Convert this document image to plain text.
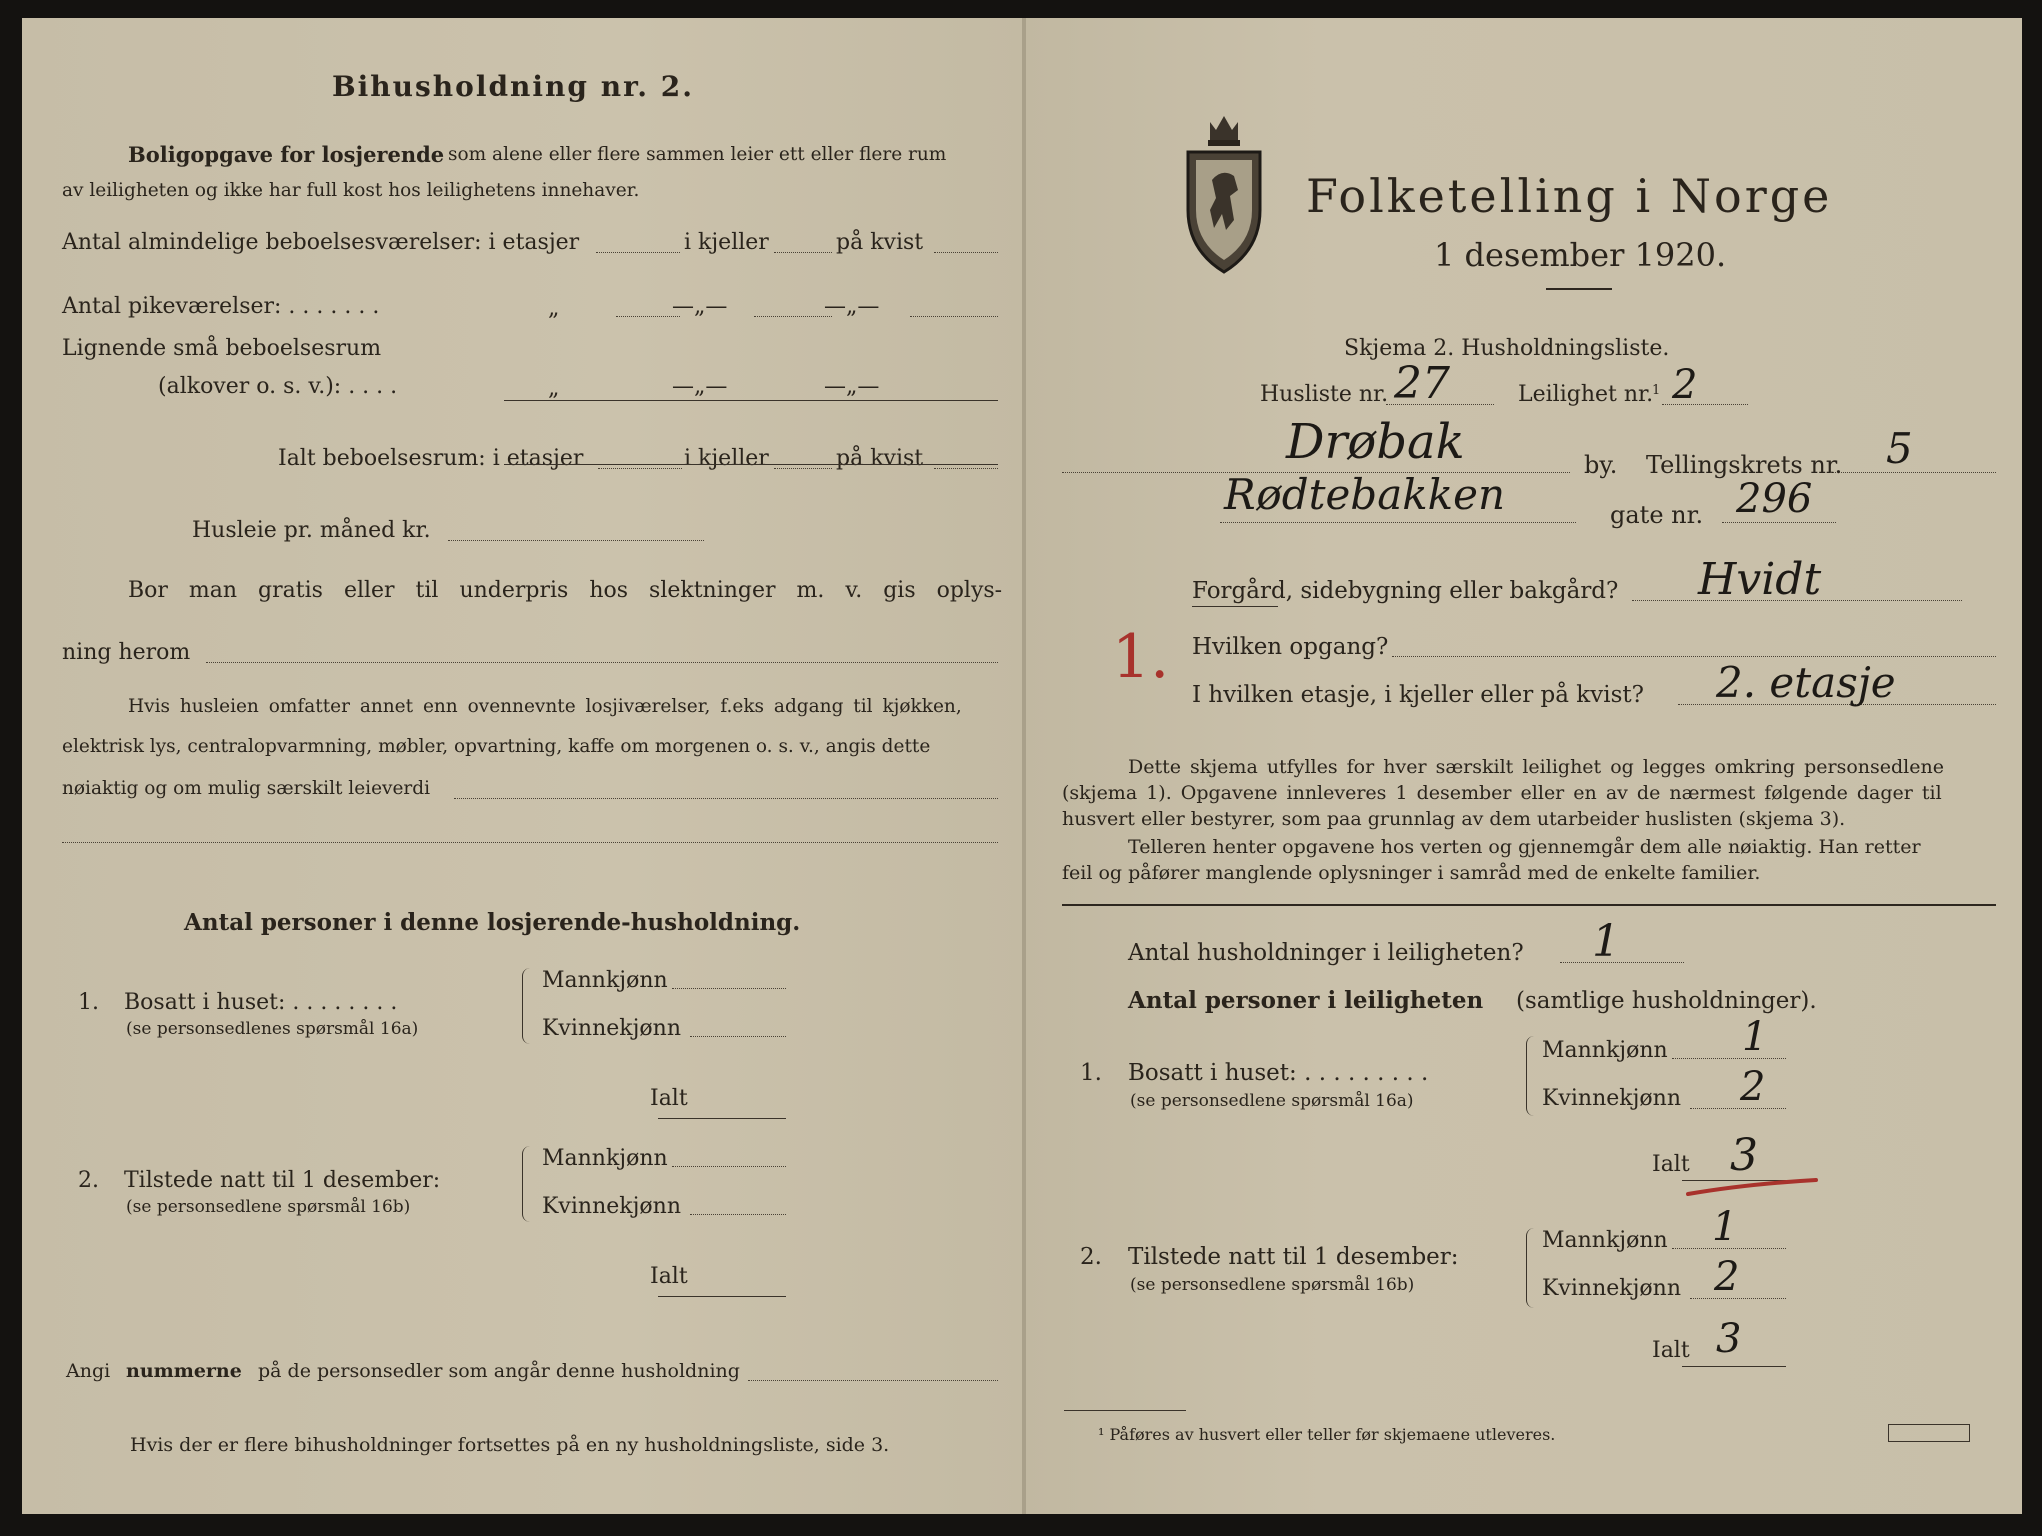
Bihusholdning nr. 2.
Boligopgave for losjerende som alene eller flere sammen leier ett eller flere rum
av leiligheten og ikke har full kost hos leilighetens innehaver.
Antal almindelige beboelsesværelser: i etasjer	i kjeller	på kvist
Antal pikeværelser: . . . . . . .	„	—„—	—„—
Lignende små beboelsesrum
(alkover o. s. v.): . . . .	„	—„—	—„—
Ialt beboelsesrum: i etasjer	i kjeller	på kvist
Husleie pr. måned kr.
Bor man gratis eller til underpris hos slektninger m. v. gis oplys-
ning herom
Hvis husleien omfatter annet enn ovennevnte losjiværelser, f.eks adgang til kjøkken,
elektrisk lys, centralopvarmning, møbler, opvartning, kaffe om morgenen o. s. v., angis dette
nøiaktig og om mulig særskilt leieverdi
Antal personer i denne losjerende-husholdning.
1. Bosatt i huset: . . . . . . . .
(se personsedlenes spørsmål 16a)
Mannkjønn
Kvinnekjønn
Ialt
2. Tilstede natt til 1 desember:
(se personsedlene spørsmål 16b)
Mannkjønn
Kvinnekjønn
Ialt
Angi nummerne på de personsedler som angår denne husholdning
Hvis der er flere bihusholdninger fortsettes på en ny husholdningsliste, side 3.
Folketelling i Norge
1 desember 1920.
Skjema 2. Husholdningsliste.
Husliste nr. 27	Leilighet nr.
1 2
Drøbak	by. Tellingskrets nr. 5
Rødtebakken	gate nr. 296
Forgård, sidebygning eller bakgård? Hvidt
1. Hvilken opgang?
I hvilken etasje, i kjeller eller på kvist? 2. etasje
Dette skjema utfylles for hver særskilt leilighet og legges omkring personsedlene
(skjema 1). Opgavene innleveres 1 desember eller en av de nærmest følgende dager til
husvert eller bestyrer, som paa grunnlag av dem utarbeider huslisten (skjema 3).
Telleren henter opgavene hos verten og gjennemgår dem alle nøiaktig. Han retter
feil og påfører manglende oplysninger i samråd med de enkelte familier.
Antal husholdninger i leiligheten? 1
Antal personer i leiligheten (samtlige husholdninger).
1. Bosatt i huset: . . . . . . . . .
(se personsedlene spørsmål 16a)
Mannkjønn 1
Kvinnekjønn 2
Ialt 3
2. Tilstede natt til 1 desember:
(se personsedlene spørsmål 16b)
Mannkjønn 1
Kvinnekjønn 2
Ialt 3
¹ Påføres av husvert eller teller før skjemaene utleveres.
